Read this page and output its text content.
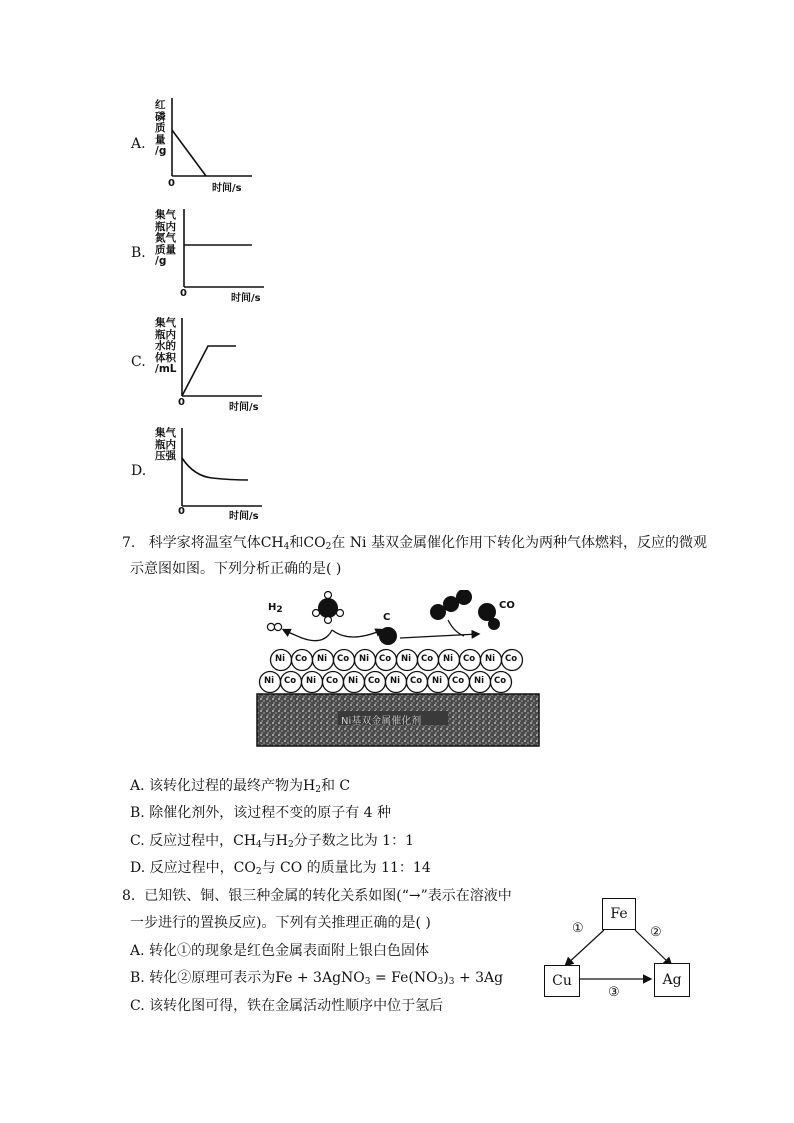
A.
红
磷
质
量
/g
0	时间/s
B.
集气
瓶内
氮气
质量
/g
0	时间/s
C.
集气
瓶内
水的
体积
/mL
0	时间/s
D.
集气
瓶内
压强
0	时间/s
7. 科学家将温室气体$CH_4$和$CO_2$在 Ni 基双金属催化作用下转化为两种气体燃料，反应的微观
示意图如图。下列分析正确的是( )
$H_2$
C
CO
Ni基双金属催化剂
Ni Co Ni Co Ni Co Ni Co Ni Co Ni Co
Ni Co Ni Co Ni Co Ni Co Ni Co Ni Co
A. 该转化过程的最终产物为$H_2$和 C
B. 除催化剂外，该过程不变的原子有 4 种
C. 反应过程中，$CH_4$与$H_2$分子数之比为 1：1
D. 反应过程中，$CO_2$与 CO 的质量比为 11：14
8. 已知铁、铜、银三种金属的转化关系如图(“→”表示在溶液中
一步进行的置换反应)。下列有关推理正确的是( )
A. 转化①的现象是红色金属表面附上银白色固体
B. 转化②原理可表示为Fe + 3AgNO$_3$ = $Fe(NO_3)_3 + 3Ag$
C. 该转化图可得，铁在金属活动性顺序中位于氢后
Fe
Cu	Ag
①	②
③
